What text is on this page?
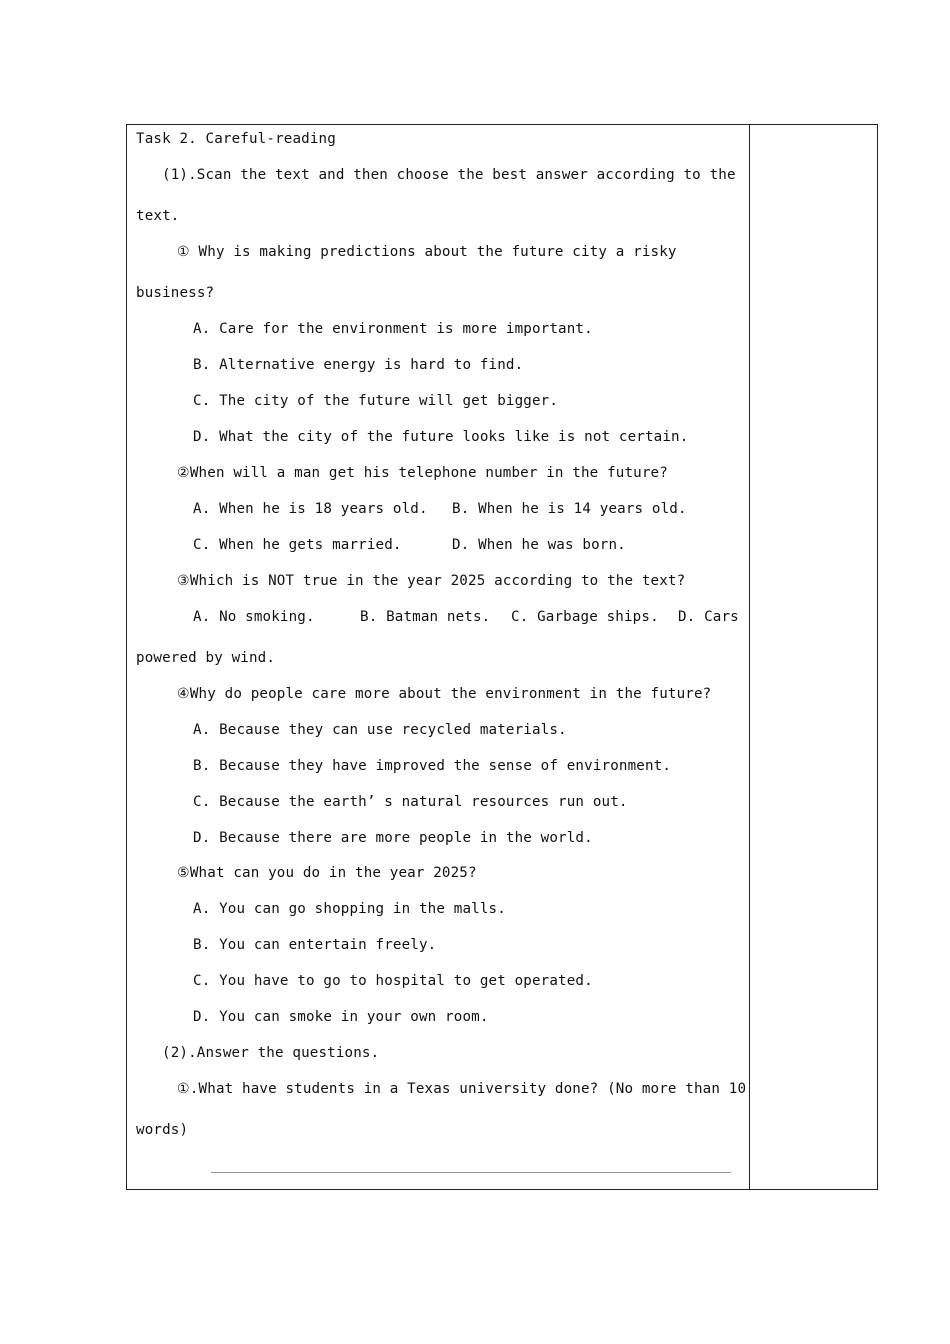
Task 2. Careful-reading
(1).Scan the text and then choose the best answer according to the
text.
① Why is making predictions about the future city a risky
business?
A. Care for the environment is more important.
B. Alternative energy is hard to find.
C. The city of the future will get bigger.
D. What the city of the future looks like is not certain.
②When will a man get his telephone number in the future?
A. When he is 18 years old. B. When he is 14 years old.
C. When he gets married.	D. When he was born.
③Which is NOT true in the year 2025 according to the text?
A. No smoking.	B. Batman nets. C. Garbage ships. D. Cars
powered by wind.
④Why do people care more about the environment in the future?
A. Because they can use recycled materials.
B. Because they have improved the sense of environment.
C. Because the earth’ s natural resources run out.
D. Because there are more people in the world.
⑤What can you do in the year 2025?
A. You can go shopping in the malls.
B. You can entertain freely.
C. You have to go to hospital to get operated.
D. You can smoke in your own room.
(2).Answer the questions.
①.What have students in a Texas university done? (No more than 10
words)
